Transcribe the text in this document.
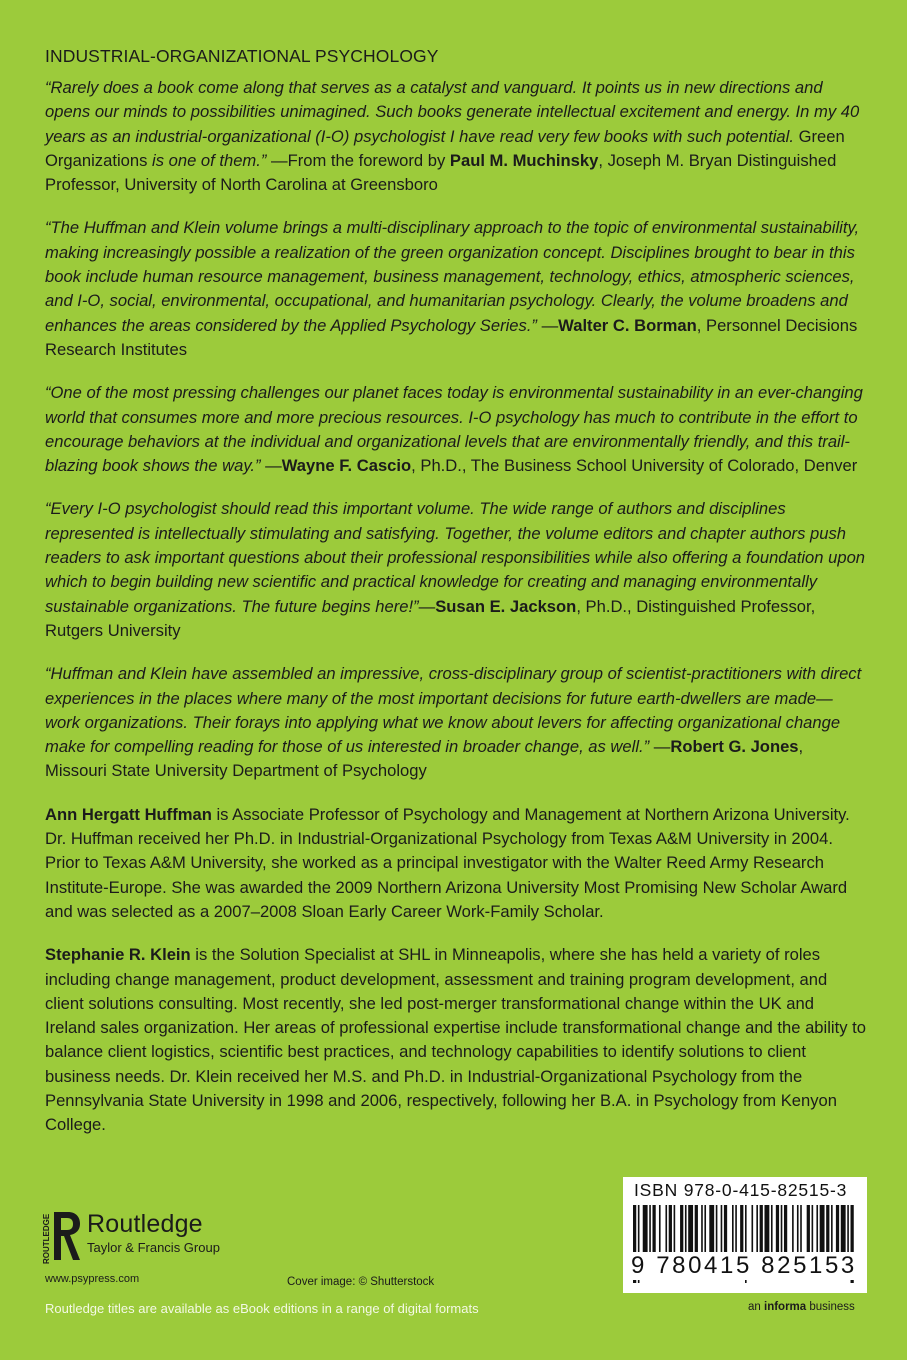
INDUSTRIAL-ORGANIZATIONAL PSYCHOLOGY

“Rarely does a book come along that serves as a catalyst and vanguard. It points us in new directions and opens our minds to possibilities unimagined. Such books generate intellectual excitement and energy. In my 40 years as an industrial-organizational (I-O) psychologist I have read very few books with such potential. Green Organizations is one of them.” —From the foreword by Paul M. Muchinsky, Joseph M. Bryan Distinguished Professor, University of North Carolina at Greensboro

“The Huffman and Klein volume brings a multi-disciplinary approach to the topic of environmental sustainability, making increasingly possible a realization of the green organization concept. Disciplines brought to bear in this book include human resource management, business management, technology, ethics, atmospheric sciences, and I-O, social, environmental, occupational, and humanitarian psychology. Clearly, the volume broadens and enhances the areas considered by the Applied Psychology Series.” —Walter C. Borman, Personnel Decisions Research Institutes

“One of the most pressing challenges our planet faces today is environmental sustainability in an ever-changing world that consumes more and more precious resources. I-O psychology has much to contribute in the effort to encourage behaviors at the individual and organizational levels that are environmentally friendly, and this trail-blazing book shows the way.” —Wayne F. Cascio, Ph.D., The Business School University of Colorado, Denver

“Every I-O psychologist should read this important volume. The wide range of authors and disciplines represented is intellectually stimulating and satisfying. Together, the volume editors and chapter authors push readers to ask important questions about their professional responsibilities while also offering a foundation upon which to begin building new scientific and practical knowledge for creating and managing environmentally sustainable organizations. The future begins here!”—Susan E. Jackson, Ph.D., Distinguished Professor, Rutgers University

“Huffman and Klein have assembled an impressive, cross-disciplinary group of scientist-practitioners with direct experiences in the places where many of the most important decisions for future earth-dwellers are made—work organizations. Their forays into applying what we know about levers for affecting organizational change make for compelling reading for those of us interested in broader change, as well.” —Robert G. Jones, Missouri State University Department of Psychology

Ann Hergatt Huffman is Associate Professor of Psychology and Management at Northern Arizona University. Dr. Huffman received her Ph.D. in Industrial-Organizational Psychology from Texas A&M University in 2004. Prior to Texas A&M University, she worked as a principal investigator with the Walter Reed Army Research Institute-Europe. She was awarded the 2009 Northern Arizona University Most Promising New Scholar Award and was selected as a 2007–2008 Sloan Early Career Work-Family Scholar.

Stephanie R. Klein is the Solution Specialist at SHL in Minneapolis, where she has held a variety of roles including change management, product development, assessment and training program development, and client solutions consulting. Most recently, she led post-merger transformational change within the UK and Ireland sales organization. Her areas of professional expertise include transformational change and the ability to balance client logistics, scientific best practices, and technology capabilities to identify solutions to client business needs. Dr. Klein received her M.S. and Ph.D. in Industrial-Organizational Psychology from the Pennsylvania State University in 1998 and 2006, respectively, following her B.A. in Psychology from Kenyon College.

ROUTLEDGE Routledge
Taylor & Francis Group
www.psypress.com	Cover image: © Shutterstock
Routledge titles are available as eBook editions in a range of digital formats
ISBN 978-0-415-82515-3
9 780415 825153
an informa business
